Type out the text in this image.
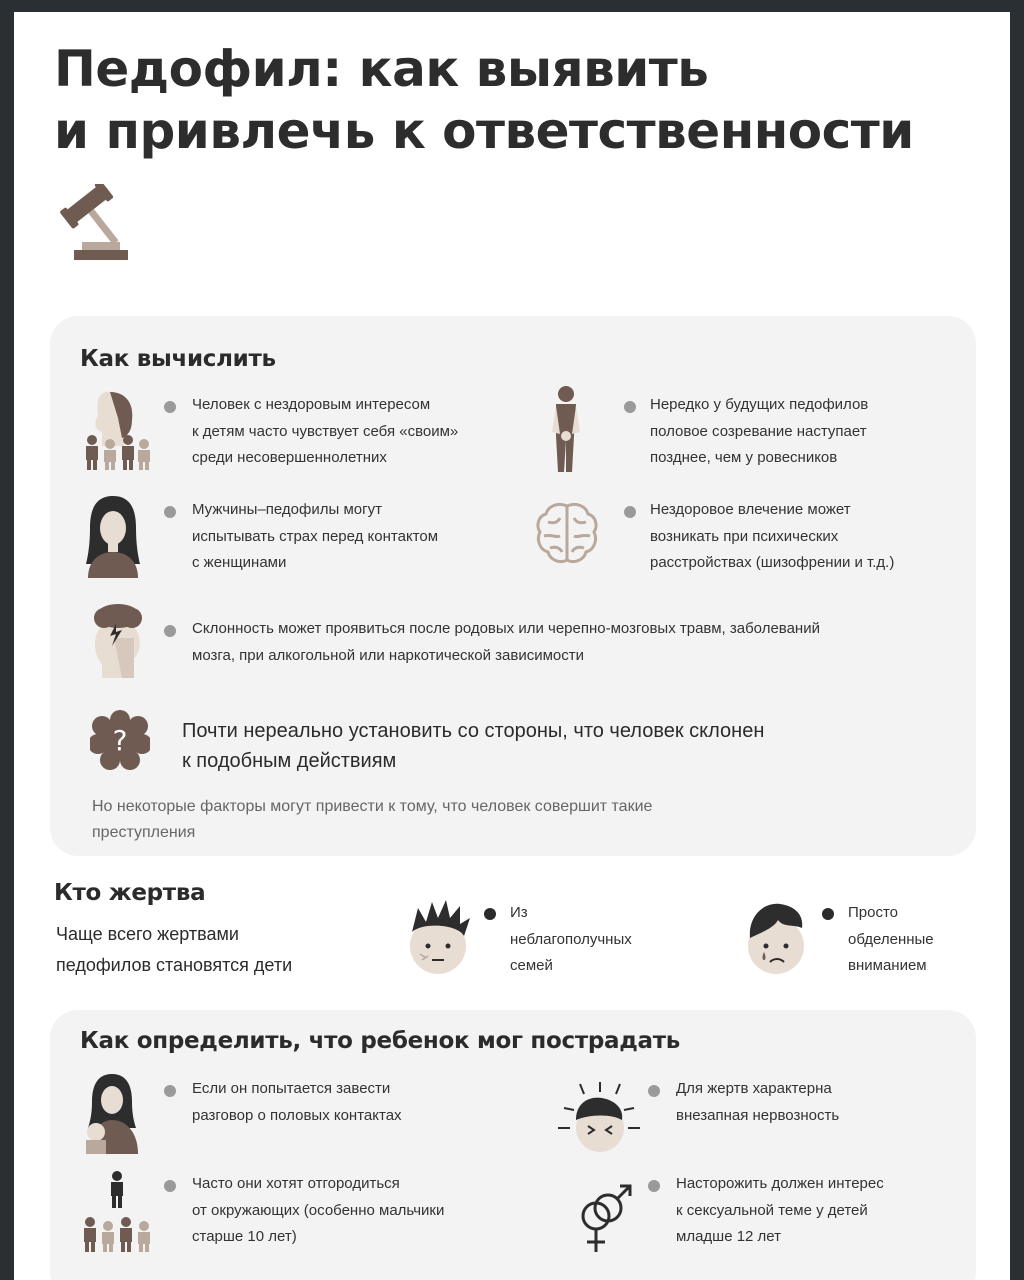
Педофил: как выявить
и привлечь к ответственности
Как вычислить
Человек с нездоровым интересом
к детям часто чувствует себя «своим»
среди несовершеннолетних
Нередко у будущих педофилов
половое созревание наступает
позднее, чем у ровесников
Мужчины–педофилы могут
испытывать страх перед контактом
с женщинами
Нездоровое влечение может
возникать при психических
расстройствах (шизофрении и т.д.)
Склонность может проявиться после родовых или черепно-мозговых травм, заболеваний
мозга, при алкогольной или наркотической зависимости
?	Почти нереально установить со стороны, что человек склонен
к подобным действиям
Но некоторые факторы могут привести к тому, что человек совершит такие
преступления
Кто жертва
Чаще всего жертвами
педофилов становятся дети
Из
неблагополучных
семей
Просто
обделенные
вниманием
Как определить, что ребенок мог пострадать
Если он попытается завести
разговор о половых контактах
Для жертв характерна
внезапная нервозность
Часто они хотят отгородиться
от окружающих (особенно мальчики
старше 10 лет)
Насторожить должен интерес
к сексуальной теме у детей
младше 12 лет
